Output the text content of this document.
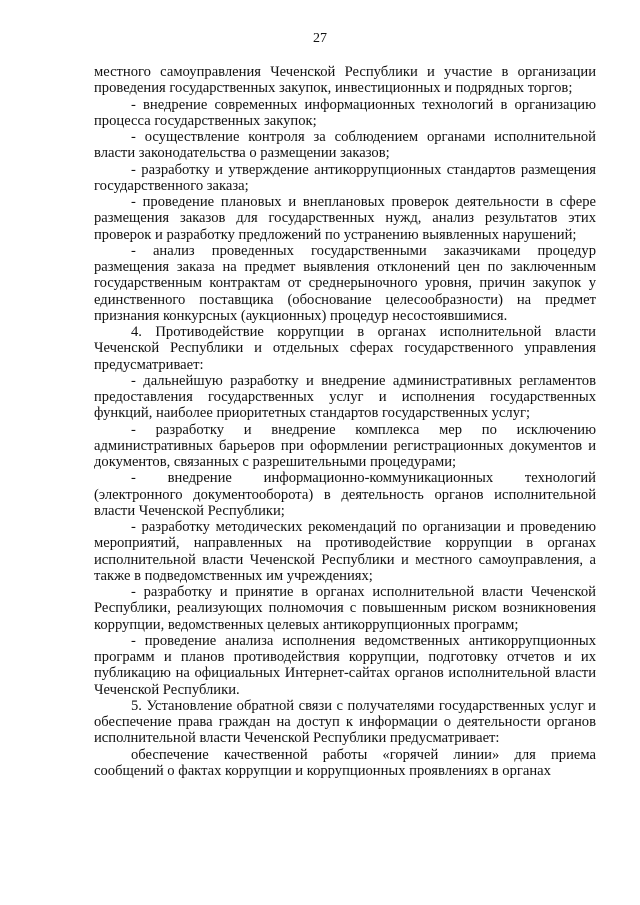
27

местного самоуправления Чеченской Республики и участие в организации проведения государственных закупок, инвестиционных и подрядных торгов;

- внедрение современных информационных технологий в организацию процесса государственных закупок;

- осуществление контроля за соблюдением органами исполнительной власти законодательства о размещении заказов;

- разработку и утверждение антикоррупционных стандартов размещения государственного заказа;

- проведение плановых и внеплановых проверок деятельности в сфере размещения заказов для государственных нужд, анализ результатов этих проверок и разработку предложений по устранению выявленных нарушений;

- анализ проведенных государственными заказчиками процедур размещения заказа на предмет выявления отклонений цен по заключенным государственным контрактам от среднерыночного уровня, причин закупок у единственного поставщика (обоснование целесообразности) на предмет признания конкурсных (аукционных) процедур несостоявшимися.

4. Противодействие коррупции в органах исполнительной власти Чеченской Республики и отдельных сферах государственного управления предусматривает:

- дальнейшую разработку и внедрение административных регламентов предоставления государственных услуг и исполнения государственных функций, наиболее приоритетных стандартов государственных услуг;

- разработку и внедрение комплекса мер по исключению административных барьеров при оформлении регистрационных документов и документов, связанных с разрешительными процедурами;

- внедрение информационно-коммуникационных технологий (электронного документооборота) в деятельность органов исполнительной власти Чеченской Республики;

- разработку методических рекомендаций по организации и проведению мероприятий, направленных на противодействие коррупции в органах исполнительной власти Чеченской Республики и местного самоуправления, а также в подведомственных им учреждениях;

- разработку и принятие в органах исполнительной власти Чеченской Республики, реализующих полномочия с повышенным риском возникновения коррупции, ведомственных целевых антикоррупционных программ;

- проведение анализа исполнения ведомственных антикоррупционных программ и планов противодействия коррупции, подготовку отчетов и их публикацию на официальных Интернет-сайтах органов исполнительной власти Чеченской Республики.

5. Установление обратной связи с получателями государственных услуг и обеспечение права граждан на доступ к информации о деятельности органов исполнительной власти Чеченской Республики предусматривает:

обеспечение качественной работы «горячей линии» для приема сообщений о фактах коррупции и коррупционных проявлениях в органах
